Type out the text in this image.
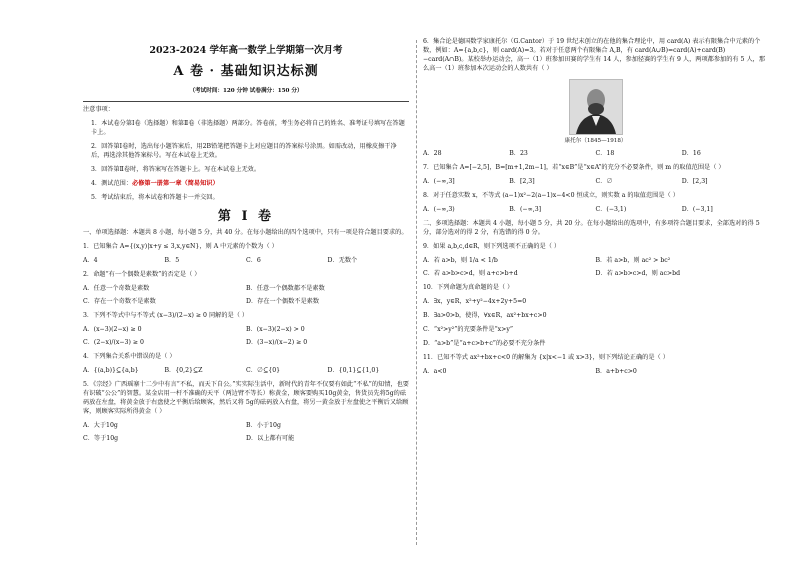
2023-2024 学年高一数学上学期第一次月考
A 卷 · 基础知识达标测
（考试时间：120 分钟 试卷满分：150 分）

注意事项：

1．本试卷分第Ⅰ卷（选择题）和第Ⅱ卷（非选择题）两部分。答卷前，考生务必将自己的姓名、准考证号填写在答题卡上。

2．回答第Ⅰ卷时，选出每小题答案后，用2B铅笔把答题卡上对应题目的答案标号涂黑。如需改动，用橡皮擦干净后，再选涂其他答案标号。写在本试卷上无效。

3．回答第Ⅱ卷时，将答案写在答题卡上。写在本试卷上无效。

4．测试范围：必修第一册第一章（简易知识）

5．考试结束后，将本试卷和答题卡一并交回。

第 Ⅰ 卷

一、单项选择题：本题共 8 小题，每小题 5 分，共 40 分。在每小题给出的四个选项中，只有一项是符合题目要求的。

1．已知集合 A={(x,y)|x+y ≤ 3,x,y∈N}，则 A 中元素的个数为（ ）

A．4	B．5	C．6	D．无数个

2．命题“有一个偶数是素数”的否定是（ ）

A．任意一个奇数是素数	B．任意一个偶数都不是素数
C．存在一个奇数不是素数	D．存在一个偶数不是素数

3．下列不等式中与不等式 (x−3)/(2−x) ≥ 0 同解的是（ ）

A．(x−3)(2−x) ≥ 0	B．(x−3)(2−x) > 0
C．(2−x)/(x−3) ≥ 0	D．(3−x)/(x−2) ≥ 0

4．下列集合关系中错误的是（ ）

A．{(a,b)}⊆{a,b}	B．{0,2}⊆Z	C．∅⊆{0}	D．{0,1}⊆{1,0}

5．《宗经》广西瑶寨十二少中有言“不私，而天下自公。”实实际生活中，新时代的青年不仅要有如此“不私”的知情，也要有识破“公公”的智慧。某金店用一杆不准确的天平（两边臂不等长）称黄金，顾客要购买10g黄金，售货员先将5g的砝码放在左盘，将黄金放于右盘使之平衡后给顾客，然后又将 5g的砝码放入右盘，将另一黄金放于左盘使之平衡后又给顾客，则顾客实际所得黄金（ ）

A．大于10g	B．小于10g
C．等于10g	D．以上都有可能

6．集合论是德国数学家康托尔（G.Cantor）于 19 世纪末创立的在他的集合理论中，用 card(A) 表示有限集合中元素的个数，例如：A={a,b,c}，则 card(A)=3。若对于任意两个有限集合 A,B，有 card(A∪B)=card(A)+card(B)−card(A∩B)。某校举办运动会，高一（1）班参加田赛的学生有 14 人，参加径赛的学生有 9 人，两项都参加的有 5 人，那么高一（1）班参加本次运动会的人数共有（ ）

康托尔（1845—1918）
A．28	B．23	C．18	D．16

7．已知集合 A=[−2,5]，B=[m+1,2m−1]，若“x∈B”是“x∈A”的充分不必要条件，则 m 的取值范围是（ ）

A．(−∞,3]	B．[2,3]	C．∅	D．[2,3]

8．对于任意实数 x，不等式 (a−1)x²−2(a−1)x−4<0 恒成立，则实数 a 的取值范围是（ ）

A．(−∞,3)	B．(−∞,3]	C．(−3,1)	D．(−3,1]

二、多项选择题：本题共 4 小题，每小题 5 分，共 20 分。在每小题给出的选项中，有多项符合题目要求，全部选对的得 5 分，部分选对的得 2 分，有选错的得 0 分。

9．如果 a,b,c,d∈R，则下列选项不正确的是（ ）

A．若 a>b，则 1/a < 1/b	B．若 a>b，则 ac² > bc²
C．若 a>b>c>d，则 a+c>b+d	D．若 a>b>c>d，则 ac>bd

10．下列命题为真命题的是（ ）

A．∃x，y∈R，x²+y²−4x+2y+5=0
B．∃a>0>b，使得，∀x∈R，ax²+bx+c>0
C．“x²>y²”的充要条件是“x>y”
D．“a>b”是“a+c>b+c”的必要不充分条件

11．已知不等式 ax²+bx+c<0 的解集为 {x|x<−1 或 x>3}，则下列结论正确的是（ ）

A．a<0	B．a+b+c>0
